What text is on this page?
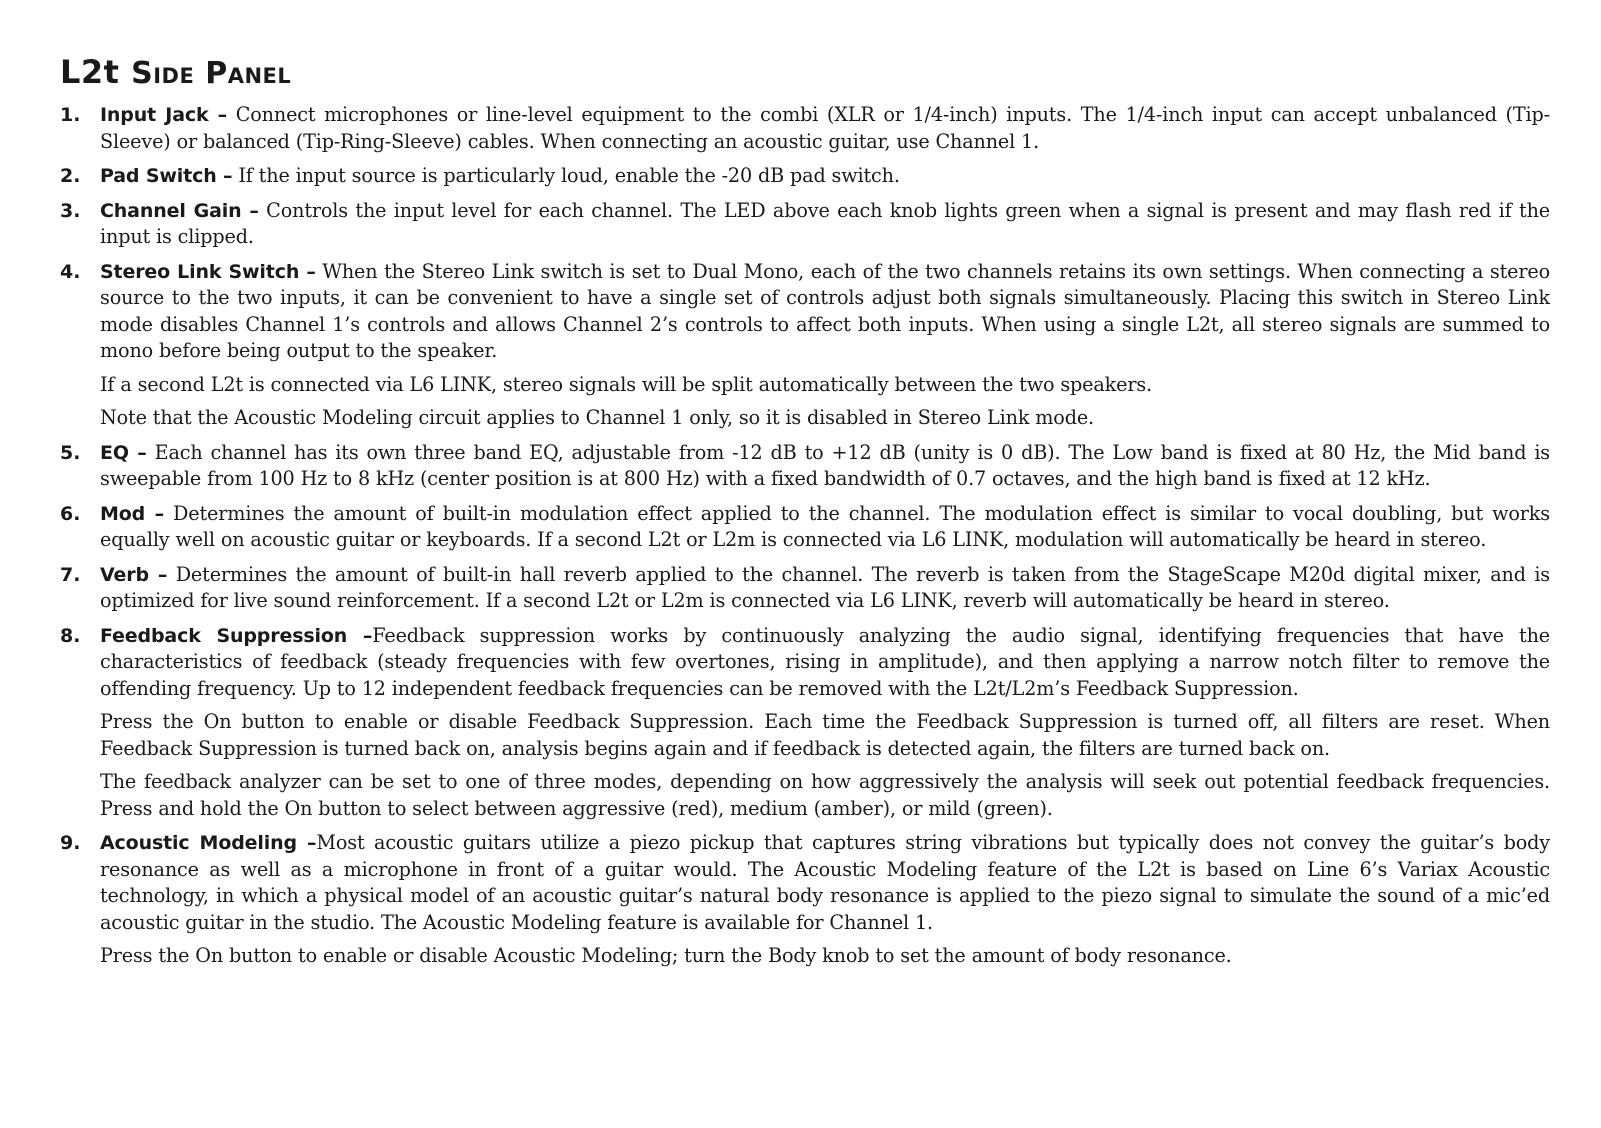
L2t Side Panel
1. Input Jack – Connect microphones or line-level equipment to the combi (XLR or 1/4-inch) inputs. The 1/4-inch input can accept unbalanced (Tip-Sleeve) or balanced (Tip-Ring-Sleeve) cables. When connecting an acoustic guitar, use Channel 1.

2. Pad Switch – If the input source is particularly loud, enable the -20 dB pad switch.

3. Channel Gain – Controls the input level for each channel. The LED above each knob lights green when a signal is present and may flash red if the input is clipped.

4. Stereo Link Switch – When the Stereo Link switch is set to Dual Mono, each of the two channels retains its own settings. When connecting a stereo source to the two inputs, it can be convenient to have a single set of controls adjust both signals simultaneously. Placing this switch in Stereo Link mode disables Channel 1’s controls and allows Channel 2’s controls to affect both inputs. When using a single L2t, all stereo signals are summed to mono before being output to the speaker.

If a second L2t is connected via L6 LINK, stereo signals will be split automatically between the two speakers.

Note that the Acoustic Modeling circuit applies to Channel 1 only, so it is disabled in Stereo Link mode.

5. EQ – Each channel has its own three band EQ, adjustable from -12 dB to +12 dB (unity is 0 dB). The Low band is fixed at 80 Hz, the Mid band is sweepable from 100 Hz to 8 kHz (center position is at 800 Hz) with a fixed bandwidth of 0.7 octaves, and the high band is fixed at 12 kHz.

6. Mod – Determines the amount of built-in modulation effect applied to the channel. The modulation effect is similar to vocal doubling, but works equally well on acoustic guitar or keyboards. If a second L2t or L2m is connected via L6 LINK, modulation will automatically be heard in stereo.

7. Verb – Determines the amount of built-in hall reverb applied to the channel. The reverb is taken from the StageScape M20d digital mixer, and is optimized for live sound reinforcement. If a second L2t or L2m is connected via L6 LINK, reverb will automatically be heard in stereo.

8. Feedback Suppression –Feedback suppression works by continuously analyzing the audio signal, identifying frequencies that have the characteristics of feedback (steady frequencies with few overtones, rising in amplitude), and then applying a narrow notch filter to remove the offending frequency. Up to 12 independent feedback frequencies can be removed with the L2t/L2m’s Feedback Suppression.

Press the On button to enable or disable Feedback Suppression. Each time the Feedback Suppression is turned off, all filters are reset. When Feedback Suppression is turned back on, analysis begins again and if feedback is detected again, the filters are turned back on.

The feedback analyzer can be set to one of three modes, depending on how aggressively the analysis will seek out potential feedback frequencies. Press and hold the On button to select between aggressive (red), medium (amber), or mild (green).

9. Acoustic Modeling –Most acoustic guitars utilize a piezo pickup that captures string vibrations but typically does not convey the guitar’s body resonance as well as a microphone in front of a guitar would. The Acoustic Modeling feature of the L2t is based on Line 6’s Variax Acoustic technology, in which a physical model of an acoustic guitar’s natural body resonance is applied to the piezo signal to simulate the sound of a mic’ed acoustic guitar in the studio. The Acoustic Modeling feature is available for Channel 1.

Press the On button to enable or disable Acoustic Modeling; turn the Body knob to set the amount of body resonance.
